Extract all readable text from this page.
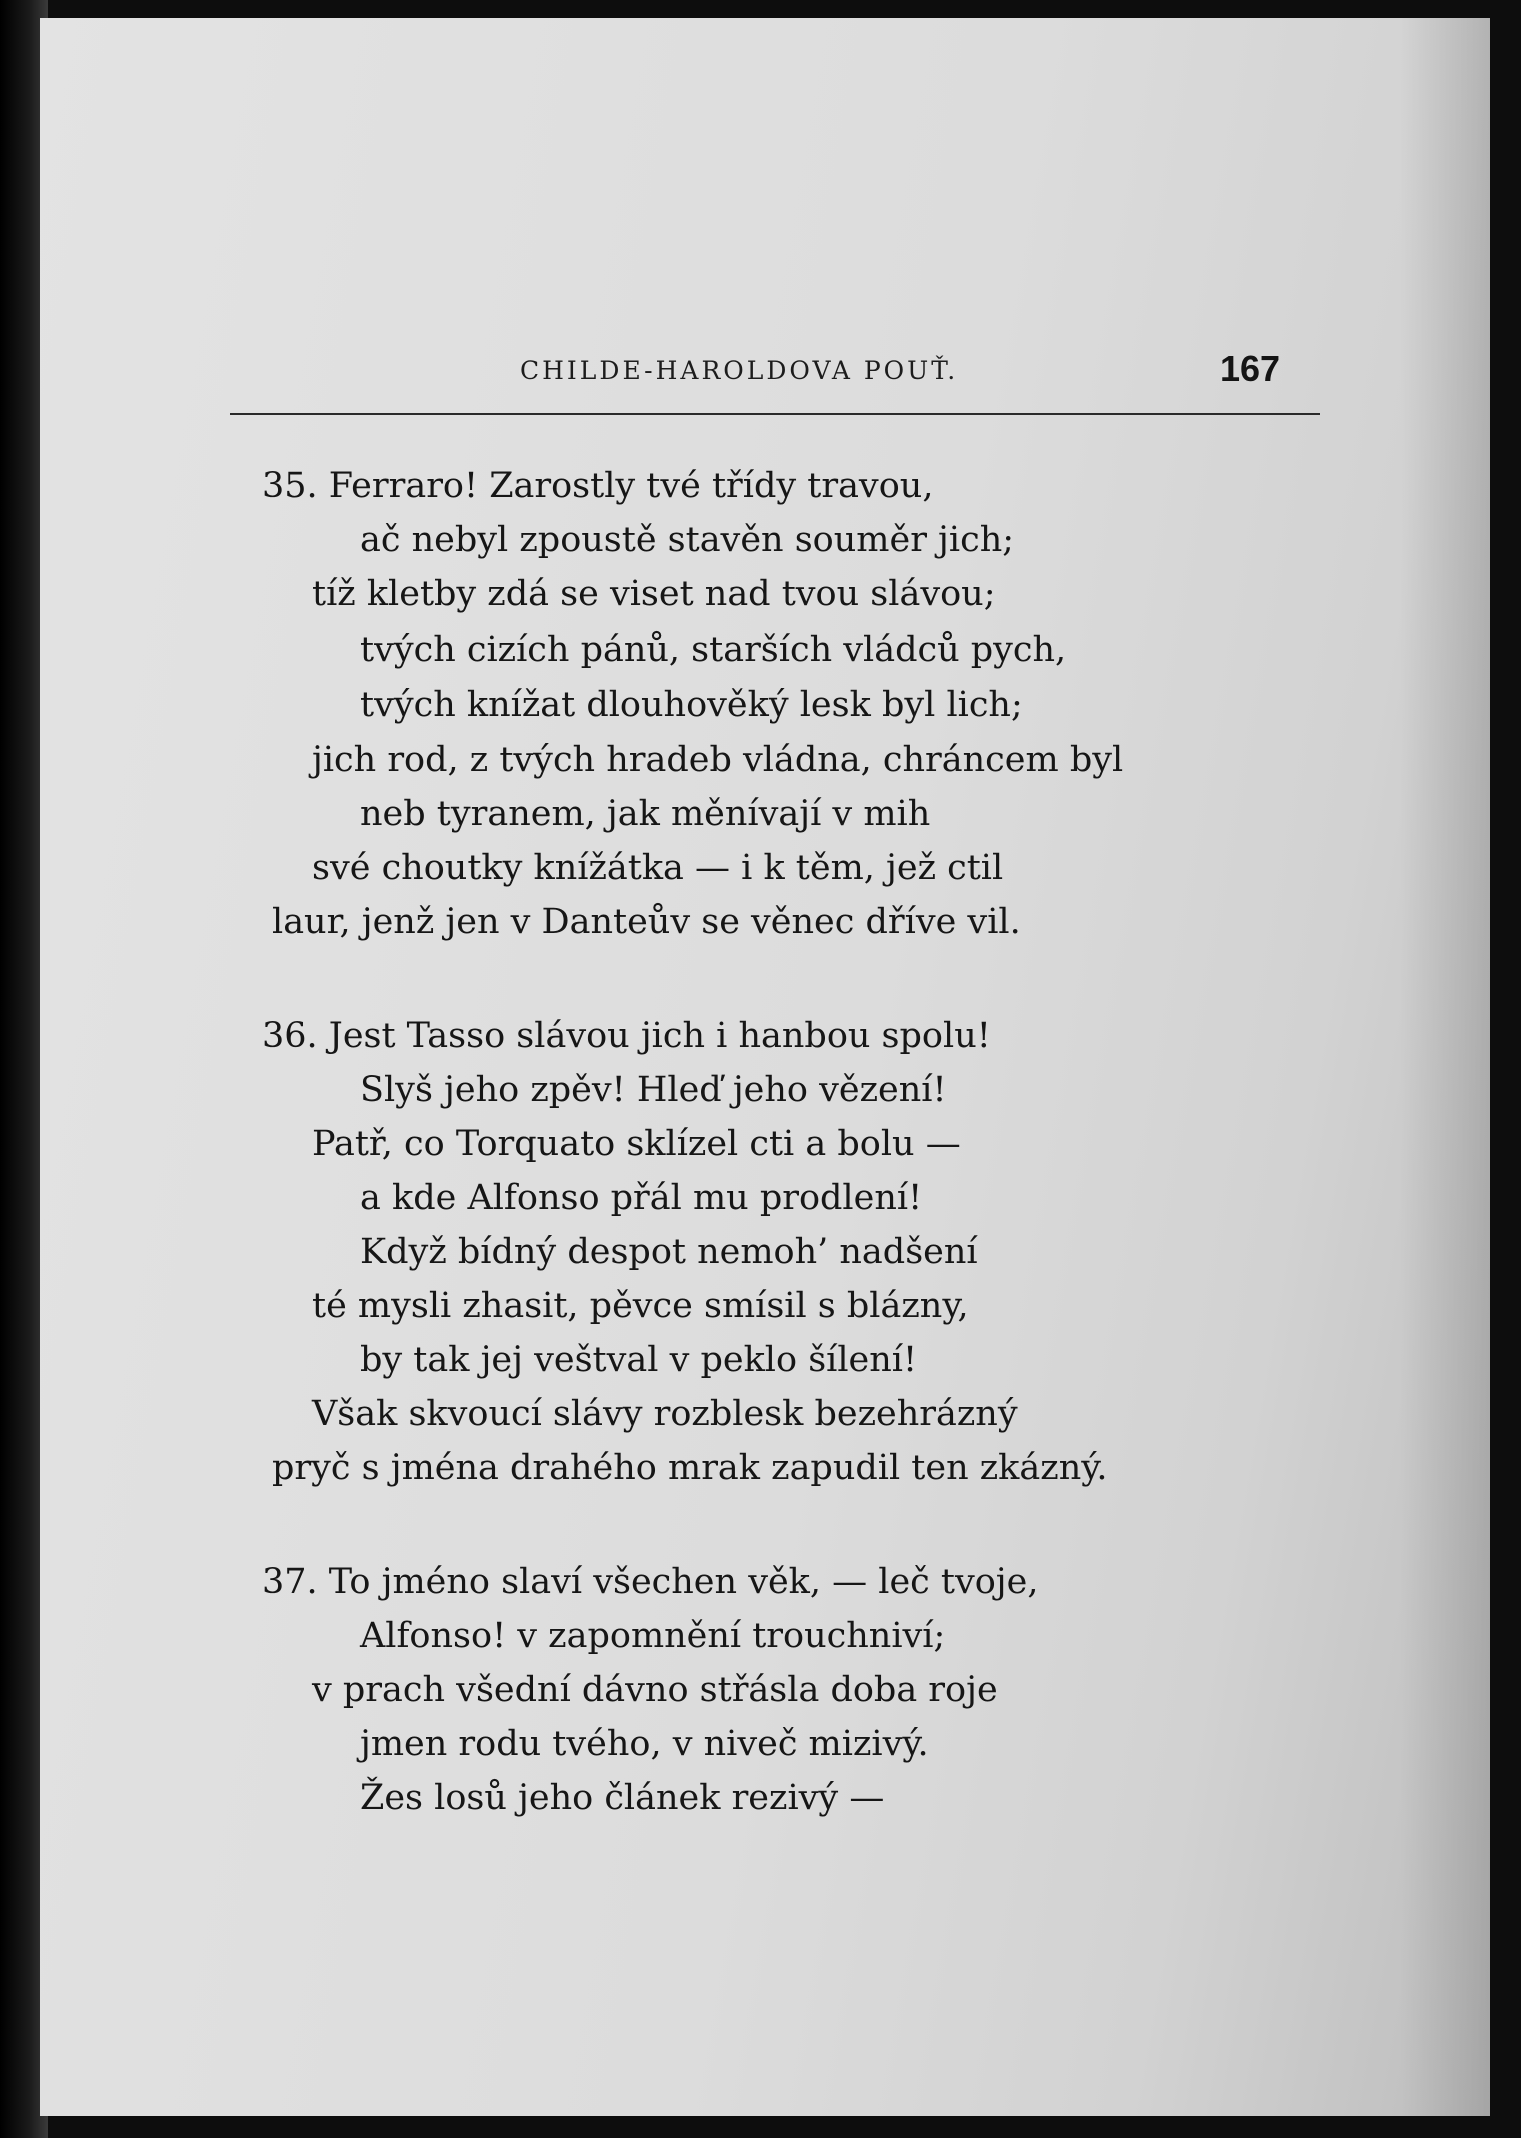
CHILDE-HAROLDOVA POUŤ.	167
35. Ferraro! Zarostly tvé třídy travou,
ač nebyl zpoustě stavěn souměr jich;
tíž kletby zdá se viset nad tvou slávou;
tvých cizích pánů, starších vládců pych,
tvých knížat dlouhověký lesk byl lich;
jich rod, z tvých hradeb vládna, chráncem byl
neb tyranem, jak měnívají v mih
své choutky knížátka — i k těm, jež ctil
laur, jenž jen v Danteův se věnec dříve vil.
36. Jest Tasso slávou jich i hanbou spolu!
Slyš jeho zpěv! Hleď jeho vězení!
Patř, co Torquato sklízel cti a bolu —
a kde Alfonso přál mu prodlení!
Když bídný despot nemoh’ nadšení
té mysli zhasit, pěvce smísil s blázny,
by tak jej veštval v peklo šílení!
Však skvoucí slávy rozblesk bezehrázný
pryč s jména drahého mrak zapudil ten zkázný.
37. To jméno slaví všechen věk, — leč tvoje,
Alfonso! v zapomnění trouchniví;
v prach všední dávno střásla doba roje
jmen rodu tvého, v niveč mizivý.
Žes losů jeho článek rezivý —
